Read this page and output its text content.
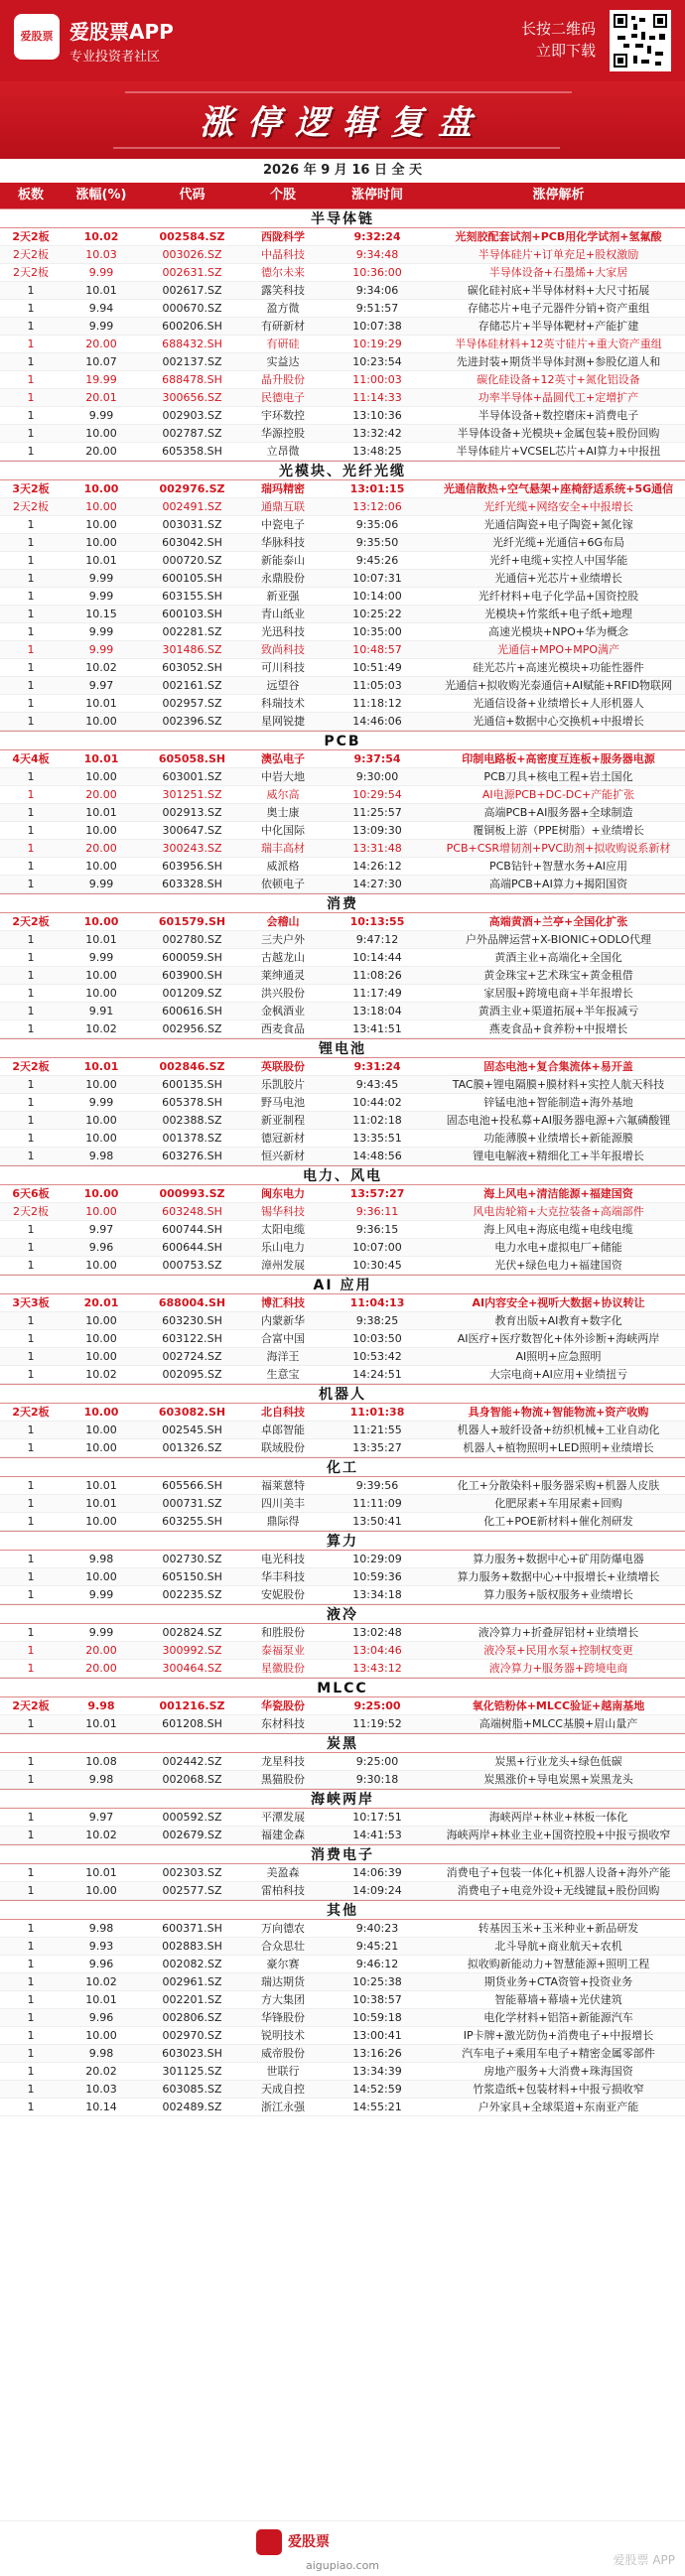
爱股票 爱股票APP
专业投资者社区
长按二维码
立即下载
涨停逻辑复盘
2026 年 9 月 16 日 全 天
板数	涨幅(%)	代码	个股	涨停时间	涨停解析
半导体链
2天2板	10.02	002584.SZ	西陇科学	9:32:24	光刻胶配套试剂+PCB用化学试剂+氢氟酸
2天2板	10.03	003026.SZ	中晶科技	9:34:48	半导体硅片+订单充足+股权激励
2天2板	9.99	002631.SZ	德尔未来	10:36:00	半导体设备+石墨烯+大家居
1	10.01	002617.SZ	露笑科技	9:34:06	碳化硅衬底+半导体材料+大尺寸拓展
1	9.94	000670.SZ	盈方微	9:51:57	存储芯片+电子元器件分销+资产重组
1	9.99	600206.SH	有研新材	10:07:38	存储芯片+半导体靶材+产能扩建
1	20.00	688432.SH	有研硅	10:19:29	半导体硅材料+12英寸硅片+重大资产重组
1	10.07	002137.SZ	实益达	10:23:54	先进封装+期货半导体封测+参股亿道人和
1	19.99	688478.SH	晶升股份	11:00:03	碳化硅设备+12英寸+氮化铝设备
1	20.01	300656.SZ	民德电子	11:14:33	功率半导体+晶圆代工+定增扩产
1	9.99	002903.SZ	宇环数控	13:10:36	半导体设备+数控磨床+消费电子
1	10.00	002787.SZ	华源控股	13:32:42	半导体设备+光模块+金属包装+股份回购
1	20.00	605358.SH	立昂微	13:48:25	半导体硅片+VCSEL芯片+AI算力+中报扭
光模块、光纤光缆
3天2板	10.00	002976.SZ	瑞玛精密	13:01:15	光通信散热+空气悬架+座椅舒适系统+5G通信
2天2板	10.00	002491.SZ	通鼎互联	13:12:06	光纤光缆+网络安全+中报增长
1	10.00	003031.SZ	中瓷电子	9:35:06	光通信陶瓷+电子陶瓷+氮化镓
1	10.00	603042.SH	华脉科技	9:35:50	光纤光缆+光通信+6G布局
1	10.01	000720.SZ	新能泰山	9:45:26	光纤+电缆+实控人中国华能
1	9.99	600105.SH	永鼎股份	10:07:31	光通信+光芯片+业绩增长
1	9.99	603155.SH	新亚强	10:14:00	光纤材料+电子化学品+国资控股
1	10.15	600103.SH	青山纸业	10:25:22	光模块+竹浆纸+电子纸+地理
1	9.99	002281.SZ	光迅科技	10:35:00	高速光模块+NPO+华为概念
1	9.99	301486.SZ	致尚科技	10:48:57	光通信+MPO+MPO满产
1	10.02	603052.SH	可川科技	10:51:49	硅光芯片+高速光模块+功能性器件
1	9.97	002161.SZ	远望谷	11:05:03	光通信+拟收购光泰通信+AI赋能+RFID物联网
1	10.01	002957.SZ	科瑞技术	11:18:12	光通信设备+业绩增长+人形机器人
1	10.00	002396.SZ	星网锐捷	14:46:06	光通信+数据中心交换机+中报增长
PCB
4天4板	10.01	605058.SH	澳弘电子	9:37:54	印制电路板+高密度互连板+服务器电源
1	10.00	603001.SZ	中岩大地	9:30:00	PCB刀具+核电工程+岩土国化
1	20.00	301251.SZ	威尔高	10:29:54	AI电源PCB+DC-DC+产能扩张
1	10.01	002913.SZ	奥士康	11:25:57	高端PCB+AI服务器+全球制造
1	10.00	300647.SZ	中化国际	13:09:30	覆铜板上游（PPE树脂）+业绩增长
1	20.00	300243.SZ	瑞丰高材	13:31:48	PCB+CSR增韧剂+PVC助剂+拟收购说系新材
1	10.00	603956.SH	威派格	14:26:12	PCB钻针+智慧水务+AI应用
1	9.99	603328.SH	依顿电子	14:27:30	高端PCB+AI算力+揭阳国资
消费
2天2板	10.00	601579.SH	会稽山	10:13:55	高端黄酒+兰亭+全国化扩张
1	10.01	002780.SZ	三夫户外	9:47:12	户外品牌运营+X-BIONIC+ODLO代理
1	9.99	600059.SH	古越龙山	10:14:44	黄酒主业+高端化+全国化
1	10.00	603900.SH	莱绅通灵	11:08:26	黄金珠宝+艺术珠宝+黄金租借
1	10.00	001209.SZ	洪兴股份	11:17:49	家居服+跨境电商+半年报增长
1	9.91	600616.SH	金枫酒业	13:18:04	黄酒主业+渠道拓展+半年报减亏
1	10.02	002956.SZ	西麦食品	13:41:51	燕麦食品+食养粉+中报增长
锂电池
2天2板	10.01	002846.SZ	英联股份	9:31:24	固态电池+复合集流体+易开盖
1	10.00	600135.SH	乐凯胶片	9:43:45	TAC膜+锂电隔膜+膜材料+实控人航天科技
1	9.99	605378.SH	野马电池	10:44:02	锌锰电池+智能制造+海外基地
1	10.00	002388.SZ	新亚制程	11:02:18	固态电池+投私募+AI服务器电源+六氟磷酸锂
1	10.00	001378.SZ	德冠新材	13:35:51	功能薄膜+业绩增长+新能源膜
1	9.98	603276.SH	恒兴新材	14:48:56	锂电电解液+精细化工+半年报增长
电力、风电
6天6板	10.00	000993.SZ	闽东电力	13:57:27	海上风电+清洁能源+福建国资
2天2板	10.00	603248.SH	锡华科技	9:36:11	风电齿轮箱+大克拉装备+高端部件
1	9.97	600744.SH	太阳电缆	9:36:15	海上风电+海底电缆+电线电缆
1	9.96	600644.SH	乐山电力	10:07:00	电力水电+虚拟电厂+储能
1	10.00	000753.SZ	漳州发展	10:30:45	光伏+绿色电力+福建国资
AI 应用
3天3板	20.01	688004.SH	博汇科技	11:04:13	AI内容安全+视听大数据+协议转让
1	10.00	603230.SH	内蒙新华	9:38:25	教育出版+AI教育+数字化
1	10.00	603122.SH	合富中国	10:03:50	AI医疗+医疗数智化+体外诊断+海峡两岸
1	10.00	002724.SZ	海洋王	10:53:42	AI照明+应急照明
1	10.02	002095.SZ	生意宝	14:24:51	大宗电商+AI应用+业绩扭亏
机器人
2天2板	10.00	603082.SH	北自科技	11:01:38	具身智能+物流+智能物流+资产收购
1	10.00	002545.SH	卓郎智能	11:21:55	机器人+玻纤设备+纺织机械+工业自动化
1	10.00	001326.SZ	联域股份	13:35:27	机器人+植物照明+LED照明+业绩增长
化工
1	10.01	605566.SH	福莱蒽特	9:39:56	化工+分散染料+服务器采购+机器人皮肤
1	10.01	000731.SZ	四川美丰	11:11:09	化肥尿素+车用尿素+回购
1	10.00	603255.SH	鼎际得	13:50:41	化工+POE新材料+催化剂研发
算力
1	9.98	002730.SZ	电光科技	10:29:09	算力服务+数据中心+矿用防爆电器
1	10.00	605150.SH	华丰科技	10:59:36	算力服务+数据中心+中报增长+业绩增长
1	9.99	002235.SZ	安妮股份	13:34:18	算力服务+版权服务+业绩增长
液冷
1	9.99	002824.SZ	和胜股份	13:02:48	液冷算力+折叠屏铝材+业绩增长
1	20.00	300992.SZ	泰福泵业	13:04:46	液冷泵+民用水泵+控制权变更
1	20.00	300464.SZ	星徽股份	13:43:12	液冷算力+服务器+跨境电商
MLCC
2天2板	9.98	001216.SZ	华瓷股份	9:25:00	氧化锆粉体+MLCC验证+越南基地
1	10.01	601208.SH	东材科技	11:19:52	高端树脂+MLCC基膜+眉山量产
炭黑
1	10.08	002442.SZ	龙星科技	9:25:00	炭黑+行业龙头+绿色低碳
1	9.98	002068.SZ	黑猫股份	9:30:18	炭黑涨价+导电炭黑+炭黑龙头
海峡两岸
1	9.97	000592.SZ	平潭发展	10:17:51	海峡两岸+林业+林板一体化
1	10.02	002679.SZ	福建金森	14:41:53	海峡两岸+林业主业+国资控股+中报亏损收窄
消费电子
1	10.01	002303.SZ	美盈森	14:06:39	消费电子+包装一体化+机器人设备+海外产能
1	10.00	002577.SZ	雷柏科技	14:09:24	消费电子+电竞外设+无线键鼠+股份回购
其他
1	9.98	600371.SH	万向德农	9:40:23	转基因玉米+玉米种业+新品研发
1	9.93	002883.SH	合众思壮	9:45:21	北斗导航+商业航天+农机
1	9.96	002082.SZ	豪尔赛	9:46:12	拟收购新能动力+智慧能源+照明工程
1	10.02	002961.SZ	瑞达期货	10:25:38	期货业务+CTA资管+投资业务
1	10.01	002201.SZ	方大集团	10:38:57	智能幕墙+幕墙+光伏建筑
1	9.96	002806.SZ	华锋股份	10:59:18	电化学材料+铝箔+新能源汽车
1	10.00	002970.SZ	锐明技术	13:00:41	IP卡牌+激光防伪+消费电子+中报增长
1	9.98	603023.SH	威帝股份	13:16:26	汽车电子+乘用车电子+精密金属零部件
1	20.02	301125.SZ	世联行	13:34:39	房地产服务+大消费+珠海国资
1	10.03	603085.SZ	天成自控	14:52:59	竹浆造纸+包装材料+中报亏损收窄
1	10.14	002489.SZ	浙江永强	14:55:21	户外家具+全球渠道+东南亚产能
爱股票
aigupiao.com	爱股票 APP
